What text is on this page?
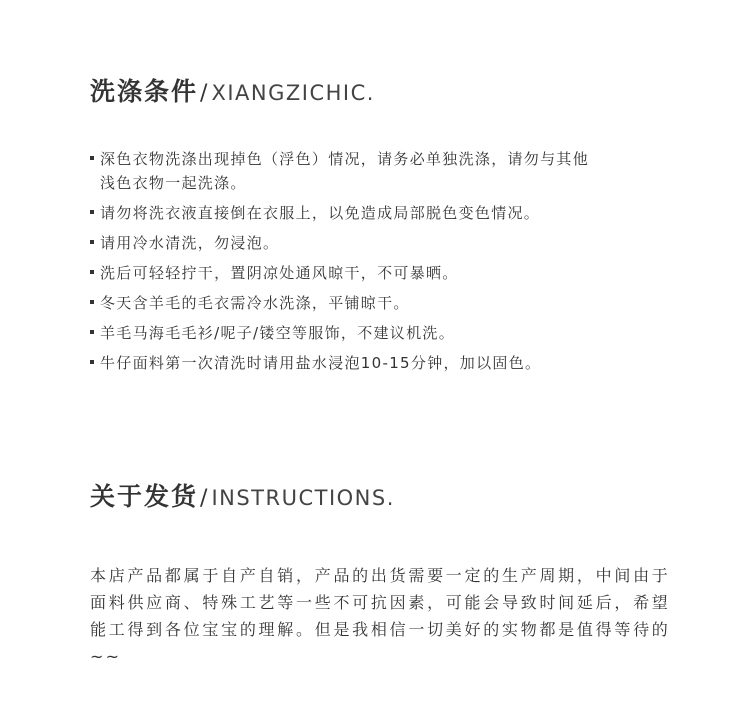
洗涤条件 / XIANGZICHIC.
深色衣物洗涤出现掉色（浮色）情况，请务必单独洗涤，请勿与其他浅色衣物一起洗涤。
请勿将洗衣液直接倒在衣服上，以免造成局部脱色变色情况。
请用冷水清洗，勿浸泡。
洗后可轻轻拧干，置阴凉处通风晾干，不可暴晒。
冬天含羊毛的毛衣需冷水洗涤，平铺晾干。
羊毛马海毛毛衫/呢子/镂空等服饰，不建议机洗。
牛仔面料第一次清洗时请用盐水浸泡10-15分钟，加以固色。
关于发货 / INSTRUCTIONS.

本店产品都属于自产自销，产品的出货需要一定的生产周期，中间由于面料供应商、特殊工艺等一些不可抗因素，可能会导致时间延后，希望能工得到各位宝宝的理解。但是我相信一切美好的实物都是值得等待的~~
